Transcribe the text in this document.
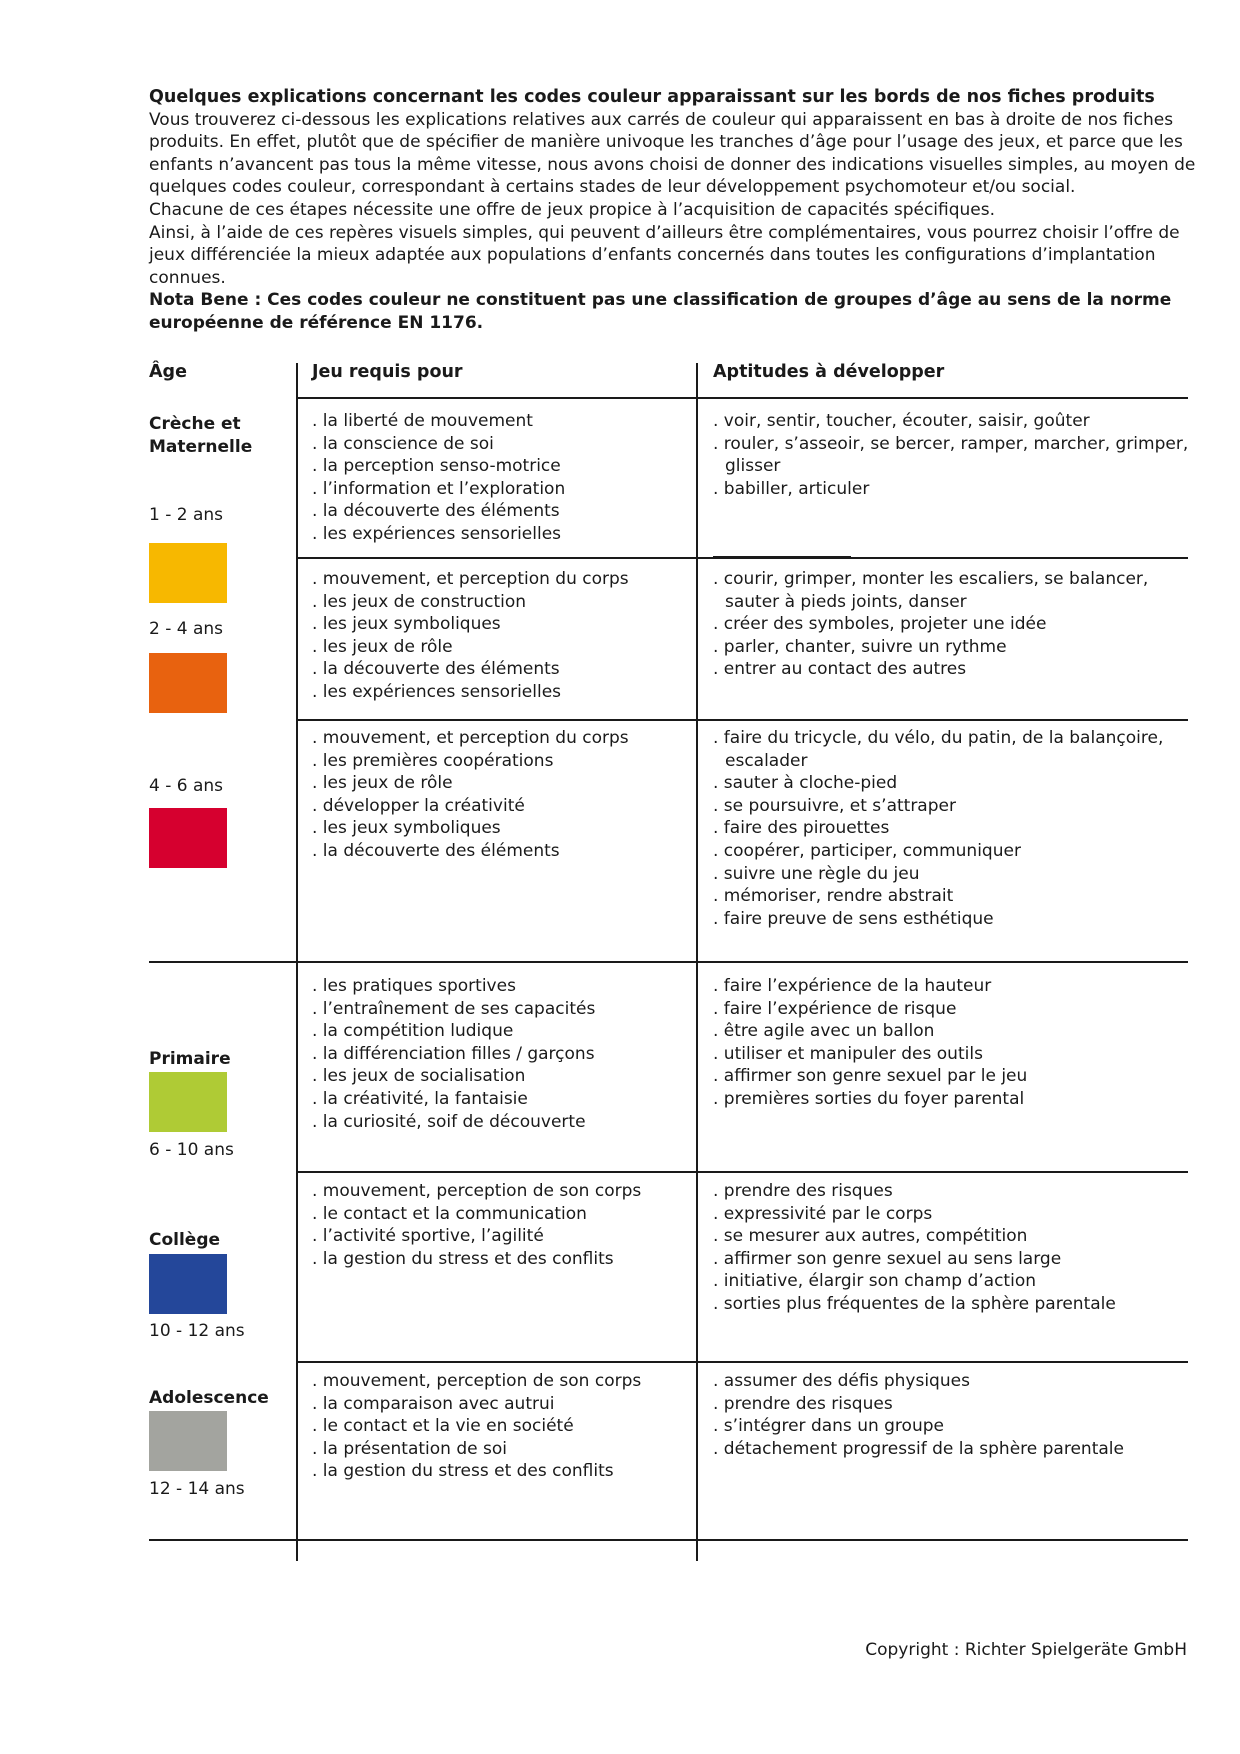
Quelques explications concernant les codes couleur apparaissant sur les bords de nos fiches produits

Vous trouverez ci-dessous les explications relatives aux carrés de couleur qui apparaissent en bas à droite de nos fiches produits. En effet, plutôt que de spécifier de manière univoque les tranches d’âge pour l’usage des jeux, et parce que les enfants n’avancent pas tous la même vitesse, nous avons choisi de donner des indications visuelles simples, au moyen de quelques codes couleur, correspondant à certains stades de leur développement psychomoteur et/ou social.

Chacune de ces étapes nécessite une offre de jeux propice à l’acquisition de capacités spécifiques.

Ainsi, à l’aide de ces repères visuels simples, qui peuvent d’ailleurs être complémentaires, vous pourrez choisir l’offre de jeux différenciée la mieux adaptée aux populations d’enfants concernés dans toutes les configurations d’implantation connues.

Nota Bene : Ces codes couleur ne constituent pas une classification de groupes d’âge au sens de la norme européenne de référence EN 1176.

Âge	Jeu requis pour	Aptitudes à développer
Crèche et Maternelle
Primaire
Collège
Adolescence
1 - 2 ans
2 - 4 ans
4 - 6 ans
6 - 10 ans
10 - 12 ans
12 - 14 ans
. la liberté de mouvement
. la conscience de soi
. la perception senso-motrice
. l’information et l’exploration
. la découverte des éléments
. les expériences sensorielles
. mouvement, et perception du corps
. les jeux de construction
. les jeux symboliques
. les jeux de rôle
. la découverte des éléments
. les expériences sensorielles
. mouvement, et perception du corps
. les premières coopérations
. les jeux de rôle
. développer la créativité
. les jeux symboliques
. la découverte des éléments
. les pratiques sportives
. l’entraînement de ses capacités
. la compétition ludique
. la différenciation filles / garçons
. les jeux de socialisation
. la créativité, la fantaisie
. la curiosité, soif de découverte
. mouvement, perception de son corps
. le contact et la communication
. l’activité sportive, l’agilité
. la gestion du stress et des conflits
. mouvement, perception de son corps
. la comparaison avec autrui
. le contact et la vie en société
. la présentation de soi
. la gestion du stress et des conflits
. voir, sentir, toucher, écouter, saisir, goûter
. rouler, s’asseoir, se bercer, ramper, marcher, grimper, glisser
. babiller, articuler
. courir, grimper, monter les escaliers, se balancer, sauter à pieds joints, danser
. créer des symboles, projeter une idée
. parler, chanter, suivre un rythme
. entrer au contact des autres
. faire du tricycle, du vélo, du patin, de la balançoire, escalader
. sauter à cloche-pied
. se poursuivre, et s’attraper
. faire des pirouettes
. coopérer, participer, communiquer
. suivre une règle du jeu
. mémoriser, rendre abstrait
. faire preuve de sens esthétique
. faire l’expérience de la hauteur
. faire l’expérience de risque
. être agile avec un ballon
. utiliser et manipuler des outils
. affirmer son genre sexuel par le jeu
. premières sorties du foyer parental
. prendre des risques
. expressivité par le corps
. se mesurer aux autres, compétition
. affirmer son genre sexuel au sens large
. initiative, élargir son champ d’action
. sorties plus fréquentes de la sphère parentale
. assumer des défis physiques
. prendre des risques
. s’intégrer dans un groupe
. détachement progressif de la sphère parentale
Copyright : Richter Spielgeräte GmbH
